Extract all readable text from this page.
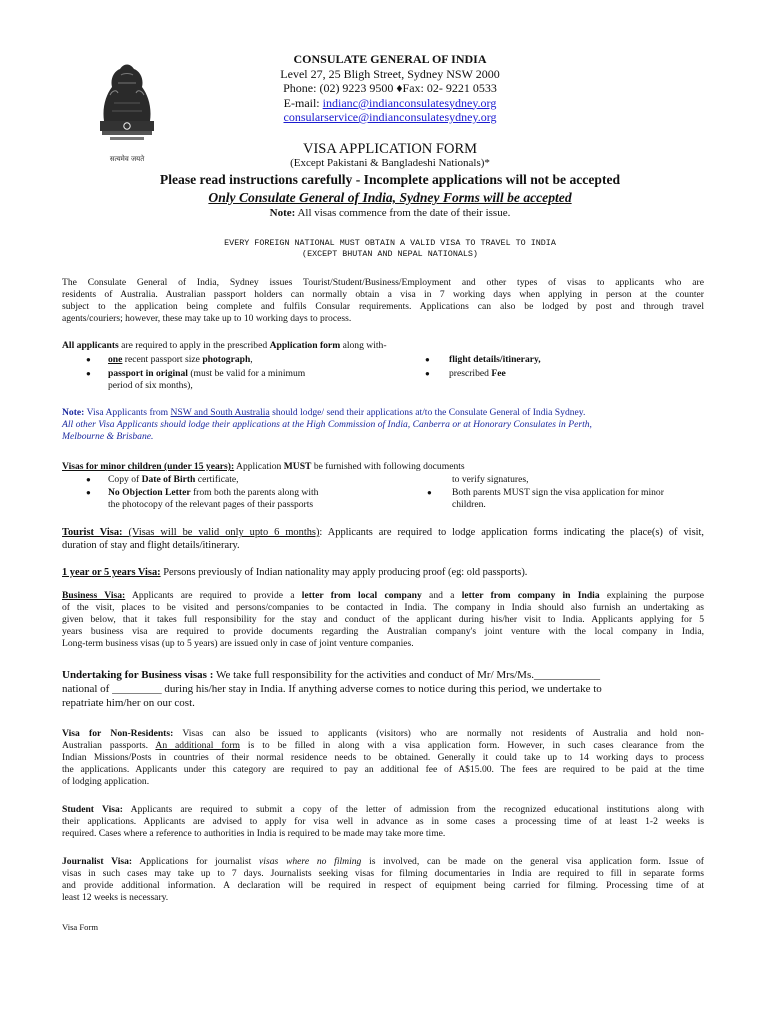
सत्यमेव जयते
CONSULATE GENERAL OF INDIA
Level 27, 25 Bligh Street, Sydney NSW 2000
Phone: (02) 9223 9500 ♦Fax: 02- 9221 0533
E-mail: indianc@indianconsulatesydney.org
consularservice@indianconsulatesydney.org
VISA APPLICATION FORM
(Except Pakistani & Bangladeshi Nationals)*
Please read instructions carefully - Incomplete applications will not be accepted
Only Consulate General of India, Sydney Forms will be accepted
Note: All visas commence from the date of their issue.
EVERY FOREIGN NATIONAL MUST OBTAIN A VALID VISA TO TRAVEL TO INDIA
(EXCEPT BHUTAN AND NEPAL NATIONALS)
The Consulate General of India, Sydney issues Tourist/Student/Business/Employment and other types of visas to applicants who are
residents of Australia. Australian passport holders can normally obtain a visa in 7 working days when applying in person at the counter
subject to the application being complete and fulfils Consular requirements. Applications can also be lodged by post and through travel
agents/couriers; however, these may take up to 10 working days to process.
All applicants are required to apply in the prescribed Application form along with-
● one recent passport size photograph,
● passport in original (must be valid for a minimum
period of six months),
● flight details/itinerary,
● prescribed Fee
Note: Visa Applicants from NSW and South Australia should lodge/ send their applications at/to the Consulate General of India Sydney.
All other Visa Applicants should lodge their applications at the High Commission of India, Canberra or at Honorary Consulates in Perth,
Melbourne & Brisbane.
Visas for minor children (under 15 years): Application MUST be furnished with following documents
● Copy of Date of Birth certificate,
● No Objection Letter from both the parents along with
the photocopy of the relevant pages of their passports
to verify signatures,
● Both parents MUST sign the visa application for minor
children.
Tourist Visa: (Visas will be valid only upto 6 months): Applicants are required to lodge application forms indicating the place(s) of visit,
duration of stay and flight details/itinerary.
1 year or 5 years Visa: Persons previously of Indian nationality may apply producing proof (eg: old passports).
Business Visa: Applicants are required to provide a letter from local company and a letter from company in India explaining the purpose
of the visit, places to be visited and persons/companies to be contacted in India. The company in India should also furnish an undertaking as
given below, that it takes full responsibility for the stay and conduct of the applicant during his/her visit to India. Applicants applying for 5
years business visa are required to provide documents regarding the Australian company's joint venture with the local company in India,
Long-term business visas (up to 5 years) are issued only in case of joint venture companies.
Undertaking for Business visas : We take full responsibility for the activities and conduct of Mr/ Mrs/Ms.____________
national of _________ during his/her stay in India. If anything adverse comes to notice during this period, we undertake to
repatriate him/her on our cost.
Visa for Non-Residents: Visas can also be issued to applicants (visitors) who are normally not residents of Australia and hold non-
Australian passports. An additional form is to be filled in along with a visa application form. However, in such cases clearance from the
Indian Missions/Posts in countries of their normal residence needs to be obtained. Generally it could take up to 14 working days to process
the applications. Applicants under this category are required to pay an additional fee of A$15.00. The fees are required to be paid at the time
of lodging application.
Student Visa: Applicants are required to submit a copy of the letter of admission from the recognized educational institutions along with
their applications. Applicants are advised to apply for visa well in advance as in some cases a processing time of at least 1-2 weeks is
required. Cases where a reference to authorities in India is required to be made may take more time.
Journalist Visa: Applications for journalist visas where no filming is involved, can be made on the general visa application form. Issue of
visas in such cases may take up to 7 days. Journalists seeking visas for filming documentaries in India are required to fill in separate forms
and provide additional information. A declaration will be required in respect of equipment being carried for filming. Processing time of at
least 12 weeks is necessary.
Visa Form
